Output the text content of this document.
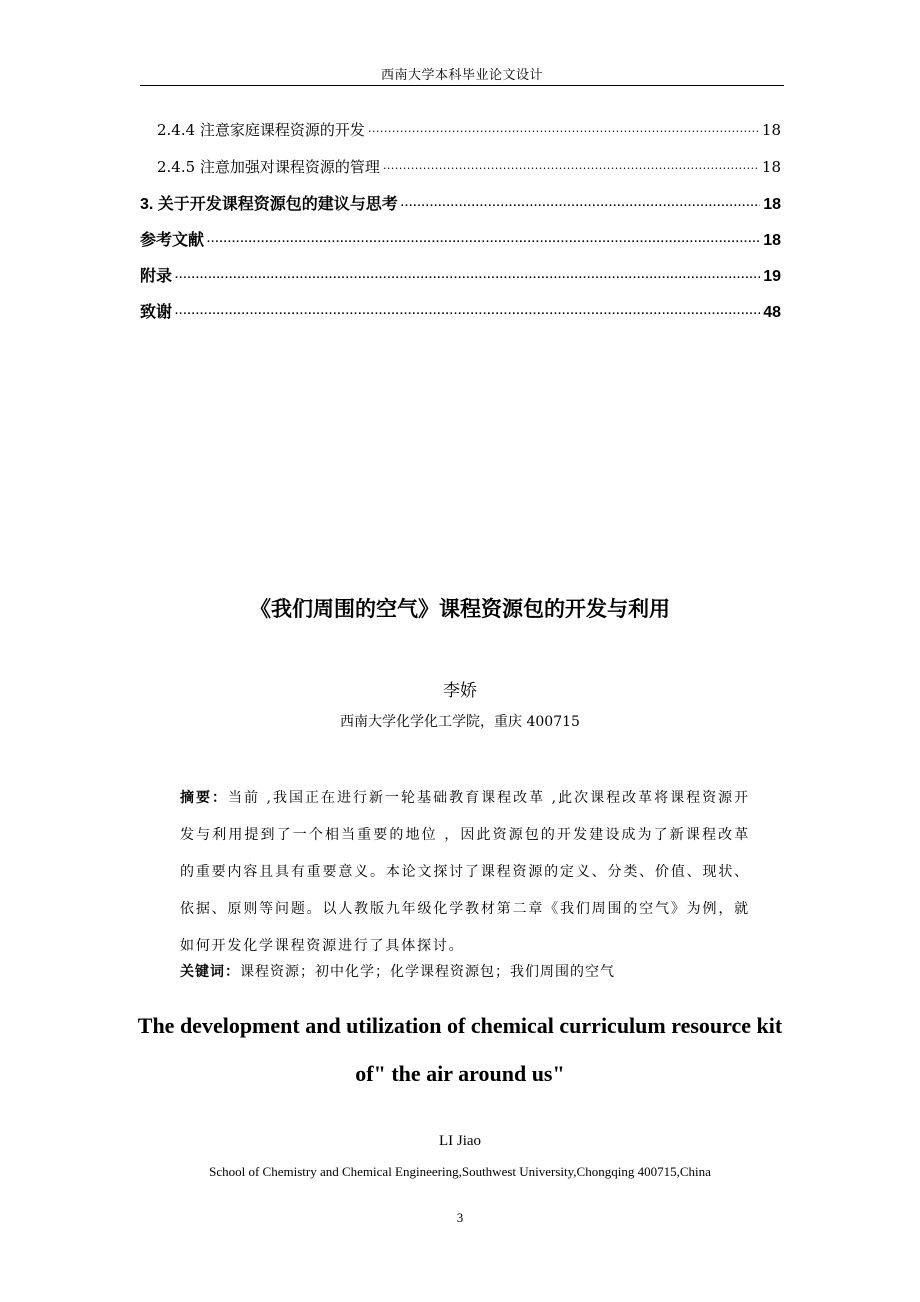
西南大学本科毕业论文设计
2.4.4 注意家庭课程资源的开发 ·····	18
2.4.5 注意加强对课程资源的管理 ·····	18
3. 关于开发课程资源包的建议与思考 ·····	18
参考文献 ·····	18
附录 ·····	19
致谢 ·····	48
《我们周围的空气》课程资源包的开发与利用
李娇
西南大学化学化工学院，重庆 400715
摘要：当前 ,我国正在进行新一轮基础教育课程改革 ,此次课程改革将课程资源开发与利用提到了一个相当重要的地位 ，因此资源包的开发建设成为了新课程改革的重要内容且具有重要意义。本论文探讨了课程资源的定义、分类、价值、现状、依据、原则等问题。以人教版九年级化学教材第二章《我们周围的空气》为例，就如何开发化学课程资源进行了具体探讨。
关键词：课程资源；初中化学；化学课程资源包；我们周围的空气
The development and utilization of chemical curriculum resource kit
of" the air around us"
LI Jiao
School of Chemistry and Chemical Engineering,Southwest University,Chongqing 400715,China
3
